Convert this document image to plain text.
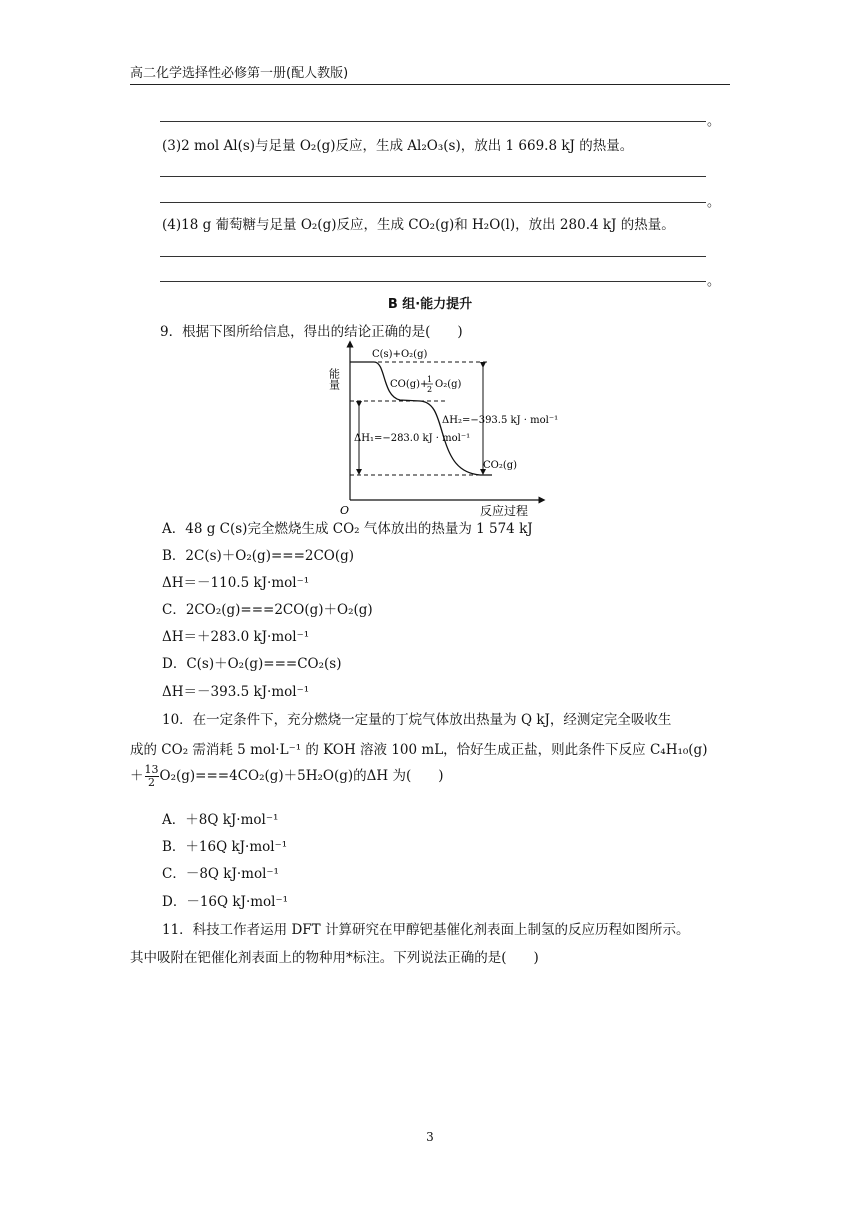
高二化学选择性必修第一册(配人教版)
。
(3)2 mol Al(s)与足量 O₂(g)反应，生成 Al₂O₃(s)，放出 1 669.8 kJ 的热量。
。
(4)18 g 葡萄糖与足量 O₂(g)反应，生成 CO₂(g)和 H₂O(l)，放出 280.4 kJ 的热量。
。
B 组·能力提升
9．根据下图所给信息，得出的结论正确的是(　　)
能量
反应过程
O
C(s)+O₂(g)
CO(g)+
1
2 O₂(g)
ΔH₂=−393.5 kJ · mol⁻¹
ΔH₁=−283.0 kJ · mol⁻¹
CO₂(g)
A．48 g C(s)完全燃烧生成 CO₂ 气体放出的热量为 1 574 kJ
B．2C(s)＋O₂(g)===2CO(g)
ΔH＝－110.5 kJ·mol⁻¹
C．2CO₂(g)===2CO(g)＋O₂(g)
ΔH＝＋283.0 kJ·mol⁻¹
D．C(s)＋O₂(g)===CO₂(s)
ΔH＝－393.5 kJ·mol⁻¹
10．在一定条件下，充分燃烧一定量的丁烷气体放出热量为 Q kJ，经测定完全吸收生
成的 CO₂ 需消耗 5 mol·L⁻¹ 的 KOH 溶液 100 mL，恰好生成正盐，则此条件下反应 C₄H₁₀(g)
＋ $\frac{13}{2} O_2(g)===4CO_2(g)+5H_2O(g)$的ΔH 为(　　)
A．＋8Q kJ·mol⁻¹
B．＋16Q kJ·mol⁻¹
C．－8Q kJ·mol⁻¹
D．－16Q kJ·mol⁻¹
11．科技工作者运用 DFT 计算研究在甲醇钯基催化剂表面上制氢的反应历程如图所示。
其中吸附在钯催化剂表面上的物种用*标注。下列说法正确的是(　　)
3
